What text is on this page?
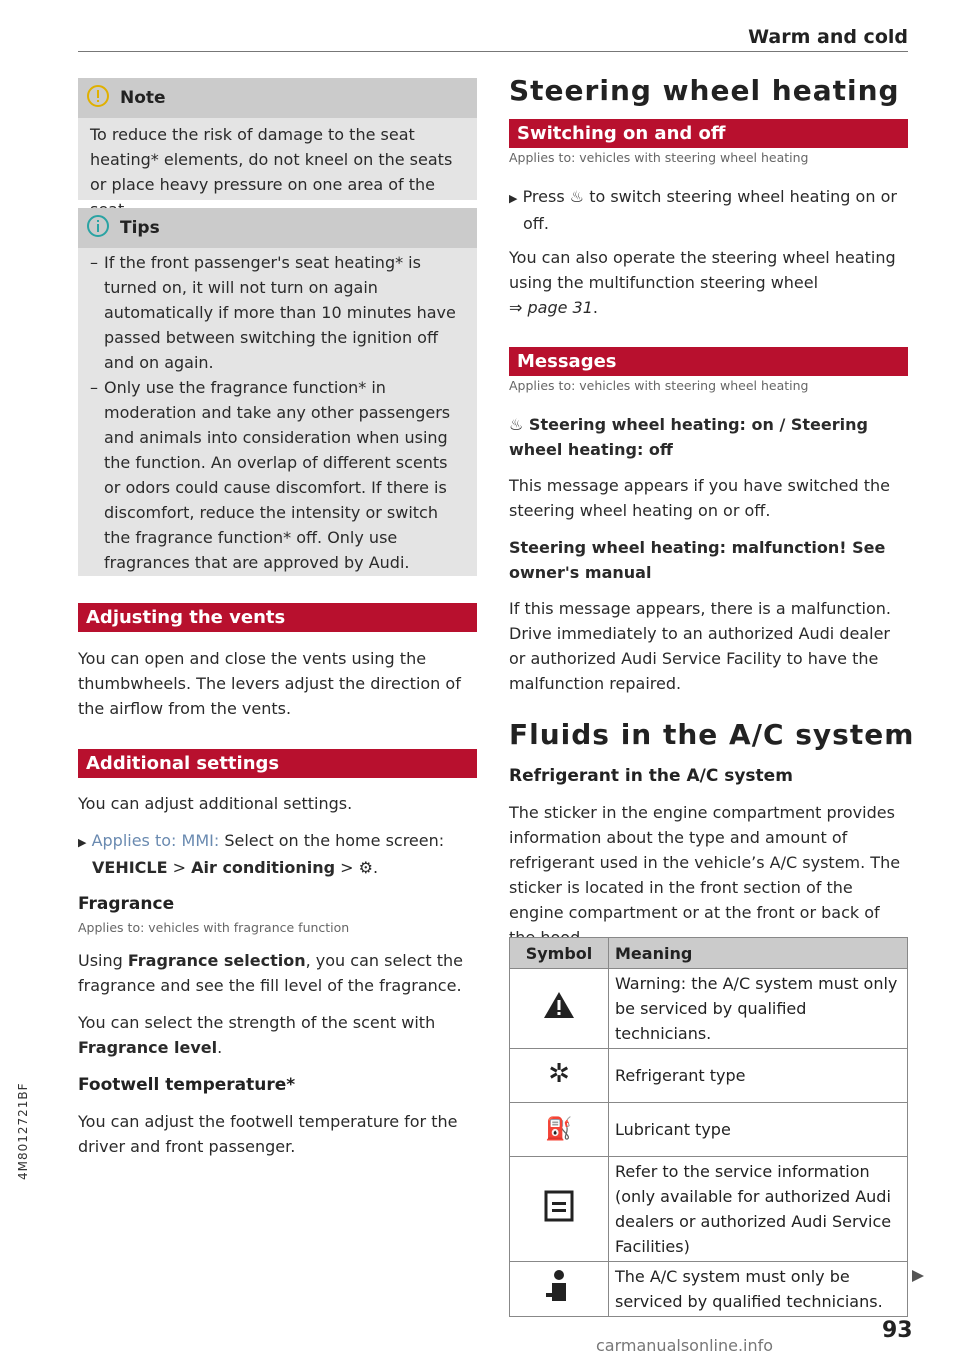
Warm and cold
Note
To reduce the risk of damage to the seat heating* elements, do not kneel on the seats or place heavy pressure on one area of the
Tips
– If the front passenger's seat heating* is turned on, it will not turn on again automatically if more than 10 minutes have passed between switching the ignition off and on again.
– Only use the fragrance function* in moderation and take any other passengers and animals into consideration when using the function. An overlap of different scents or odors could cause discomfort. If there is discomfort, reduce the intensity or switch the fragrance function* off. Only use fragrances that are approved by Audi.
Adjusting the vents
You can open and close the vents using the thumbwheels. The levers adjust the direction of the airflow from the vents.
Additional settings
You can adjust additional settings.
▶ Applies to: MMI: Select on the home screen:
VEHICLE > Air conditioning > ⚙.
Fragrance
Applies to: vehicles with fragrance function
Using Fragrance selection, you can select the fragrance and see the fill level of the fragrance.
You can select the strength of the scent with Fragrance level.
Footwell temperature*
You can adjust the footwell temperature for the driver and front passenger.
Steering wheel heating
Switching on and off
Applies to: vehicles with steering wheel heating
▶ Press ♨ to switch steering wheel heating on or off.
You can also operate the steering wheel heating using the multifunction steering wheel
⇒ page 31.
Messages
Applies to: vehicles with steering wheel heating
♨ Steering wheel heating: on / Steering wheel heating: off
This message appears if you have switched the steering wheel heating on or off.
Steering wheel heating: malfunction! See owner's manual
If this message appears, there is a malfunction. Drive immediately to an authorized Audi dealer or authorized Audi Service Facility to have the malfunction repaired.
Fluids in the A/C system
Refrigerant in the A/C system
The sticker in the engine compartment provides information about the type and amount of refrigerant used in the vehicle’s A/C system. The sticker is located in the front section of the engine compartment or at the front or back of
Symbol	Meaning
	Warning: the A/C system must only be serviced by qualified technicians.
✲	Refrigerant type
⛽	Lubricant type
	Refer to the service information (only available for authorized Audi dealers or authorized Audi Service Facilities)
	The A/C system must only be serviced by qualified technicians.
4M8012721BF
93
carmanualsonline.info
